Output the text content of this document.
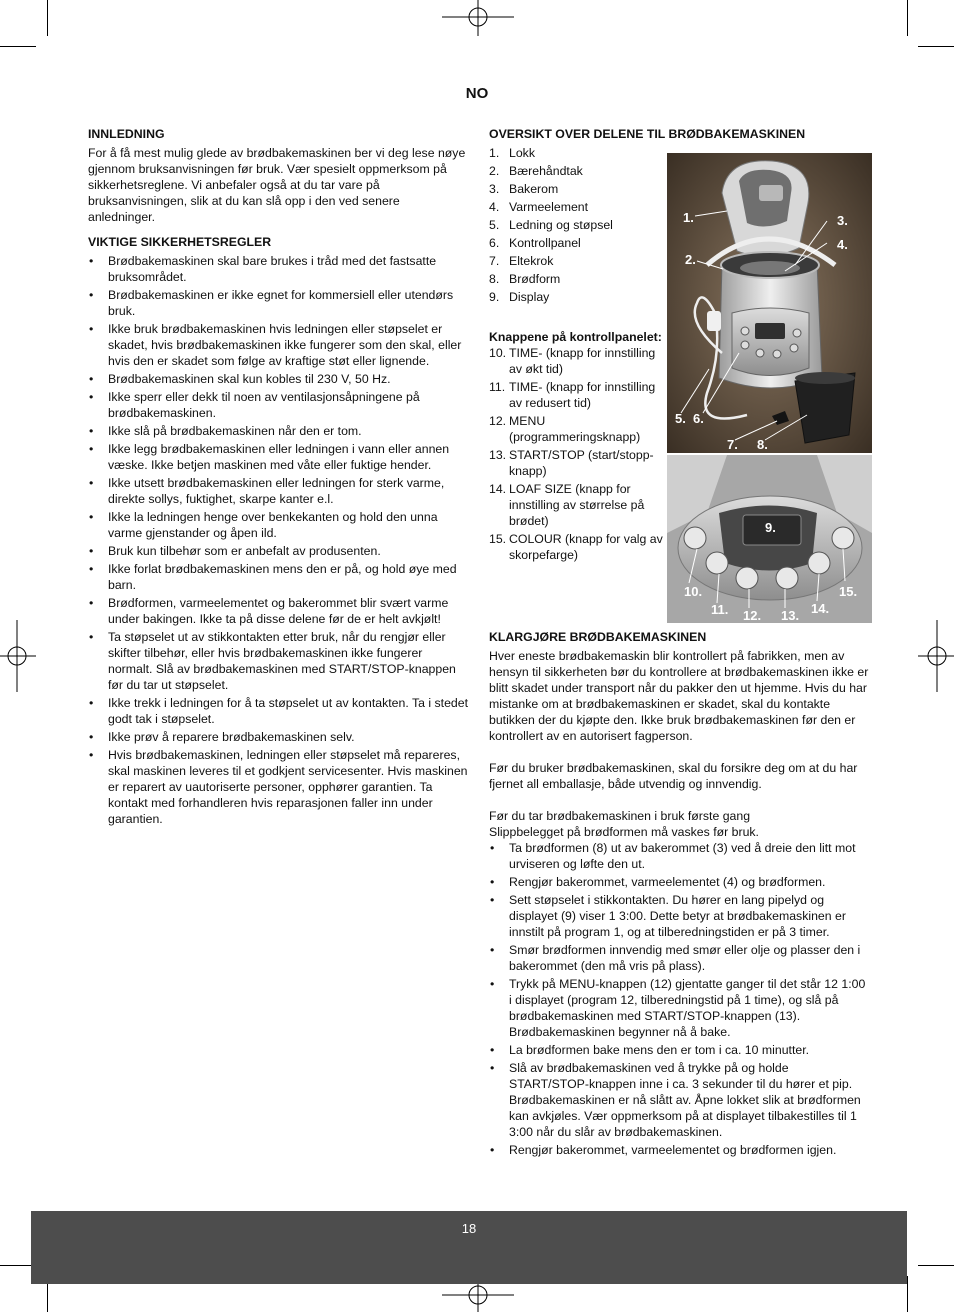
NO
INNLEDNING

For å få mest mulig glede av brødbakemaskinen ber vi deg lese nøye gjennom bruksanvisningen før bruk. Vær spesielt oppmerksom på sikkerhetsreglene. Vi anbefaler også at du tar vare på bruksanvisningen, slik at du kan slå opp i den ved senere anledninger.

VIKTIGE SIKKERHETSREGLER
• Brødbakemaskinen skal bare brukes i tråd med det fastsatte bruksområdet.
• Brødbakemaskinen er ikke egnet for kommersiell eller utendørs bruk.
• Ikke bruk brødbakemaskinen hvis ledningen eller støpselet er skadet, hvis brødbakemaskinen ikke fungerer som den skal, eller hvis den er skadet som følge av kraftige støt eller lignende.
• Brødbakemaskinen skal kun kobles til 230 V, 50 Hz.
• Ikke sperr eller dekk til noen av ventilasjonsåpningene på brødbakemaskinen.
• Ikke slå på brødbakemaskinen når den er tom.
• Ikke legg brødbakemaskinen eller ledningen i vann eller annen væske. Ikke betjen maskinen med våte eller fuktige hender.
• Ikke utsett brødbakemaskinen eller ledningen for sterk varme, direkte sollys, fuktighet, skarpe kanter e.l.
• Ikke la ledningen henge over benkekanten og hold den unna varme gjenstander og åpen ild.
• Bruk kun tilbehør som er anbefalt av produsenten.
• Ikke forlat brødbakemaskinen mens den er på, og hold øye med barn.
• Brødformen, varmeelementet og bakerommet blir svært varme under bakingen. Ikke ta på disse delene før de er helt avkjølt!
• Ta støpselet ut av stikkontakten etter bruk, når du rengjør eller skifter tilbehør, eller hvis brødbakemaskinen ikke fungerer normalt. Slå av brødbakemaskinen med START/STOP-knappen før du tar ut støpselet.
• Ikke trekk i ledningen for å ta støpselet ut av kontakten. Ta i stedet godt tak i støpselet.
• Ikke prøv å reparere brødbakemaskinen selv.
• Hvis brødbakemaskinen, ledningen eller støpselet må repareres, skal maskinen leveres til et godkjent servicesenter. Hvis maskinen er reparert av uautoriserte personer, opphører garantien. Ta kontakt med forhandleren hvis reparasjonen faller inn under garantien.
OVERSIKT OVER DELENE TIL BRØDBAKEMASKINEN
1. Lokk
2. Bærehåndtak
3. Bakerom
4. Varmeelement
5. Ledning og støpsel
6. Kontrollpanel
7. Eltekrok
8. Brødform
9. Display

Knappene på kontrollpanelet:

10. TIME- (knapp for innstilling av økt tid)
11. TIME- (knapp for innstilling av redusert tid)
12. MENU (programmeringsknapp)
13. START/STOP (start/stopp-knapp)
14. LOAF SIZE (knapp for innstilling av størrelse på brødet)
15. COLOUR (knapp for valg av skorpefarge)
1.
2.
3.
4.
5. 6.
7. 8.
9.
10.
11. 12. 13. 14.
15.
KLARGJØRE BRØDBAKEMASKINEN

Hver eneste brødbakemaskin blir kontrollert på fabrikken, men av hensyn til sikkerheten bør du kontrollere at brødbakemaskinen ikke er blitt skadet under transport når du pakker den ut hjemme. Hvis du har mistanke om at brødbakemaskinen er skadet, skal du kontakte butikken der du kjøpte den. Ikke bruk brødbakemaskinen før den er kontrollert av en autorisert fagperson.

Før du bruker brødbakemaskinen, skal du forsikre deg om at du har fjernet all emballasje, både utvendig og innvendig.

Før du tar brødbakemaskinen i bruk første gang

Slippbelegget på brødformen må vaskes før bruk.

• Ta brødformen (8) ut av bakerommet (3) ved å dreie den litt mot urviseren og løfte den ut.
• Rengjør bakerommet, varmeelementet (4) og brødformen.
• Sett støpselet i stikkontakten. Du hører en lang pipelyd og displayet (9) viser 1 3:00. Dette betyr at brødbakemaskinen er innstilt på program 1, og at tilberedningstiden er på 3 timer.
• Smør brødformen innvendig med smør eller olje og plasser den i bakerommet (den må vris på plass).
• Trykk på MENU-knappen (12) gjentatte ganger til det står 12 1:00 i displayet (program 12, tilberedningstid på 1 time), og slå på brødbakemaskinen med START/STOP-knappen (13). Brødbakemaskinen begynner nå å bake.
• La brødformen bake mens den er tom i ca. 10 minutter.
• Slå av brødbakemaskinen ved å trykke på og holde START/STOP-knappen inne i ca. 3 sekunder til du hører et pip. Brødbakemaskinen er nå slått av. Åpne lokket slik at brødformen kan avkjøles. Vær oppmerksom på at displayet tilbakestilles til 1 3:00 når du slår av brødbakemaskinen.
• Rengjør bakerommet, varmeelementet og brødformen igjen.
18
